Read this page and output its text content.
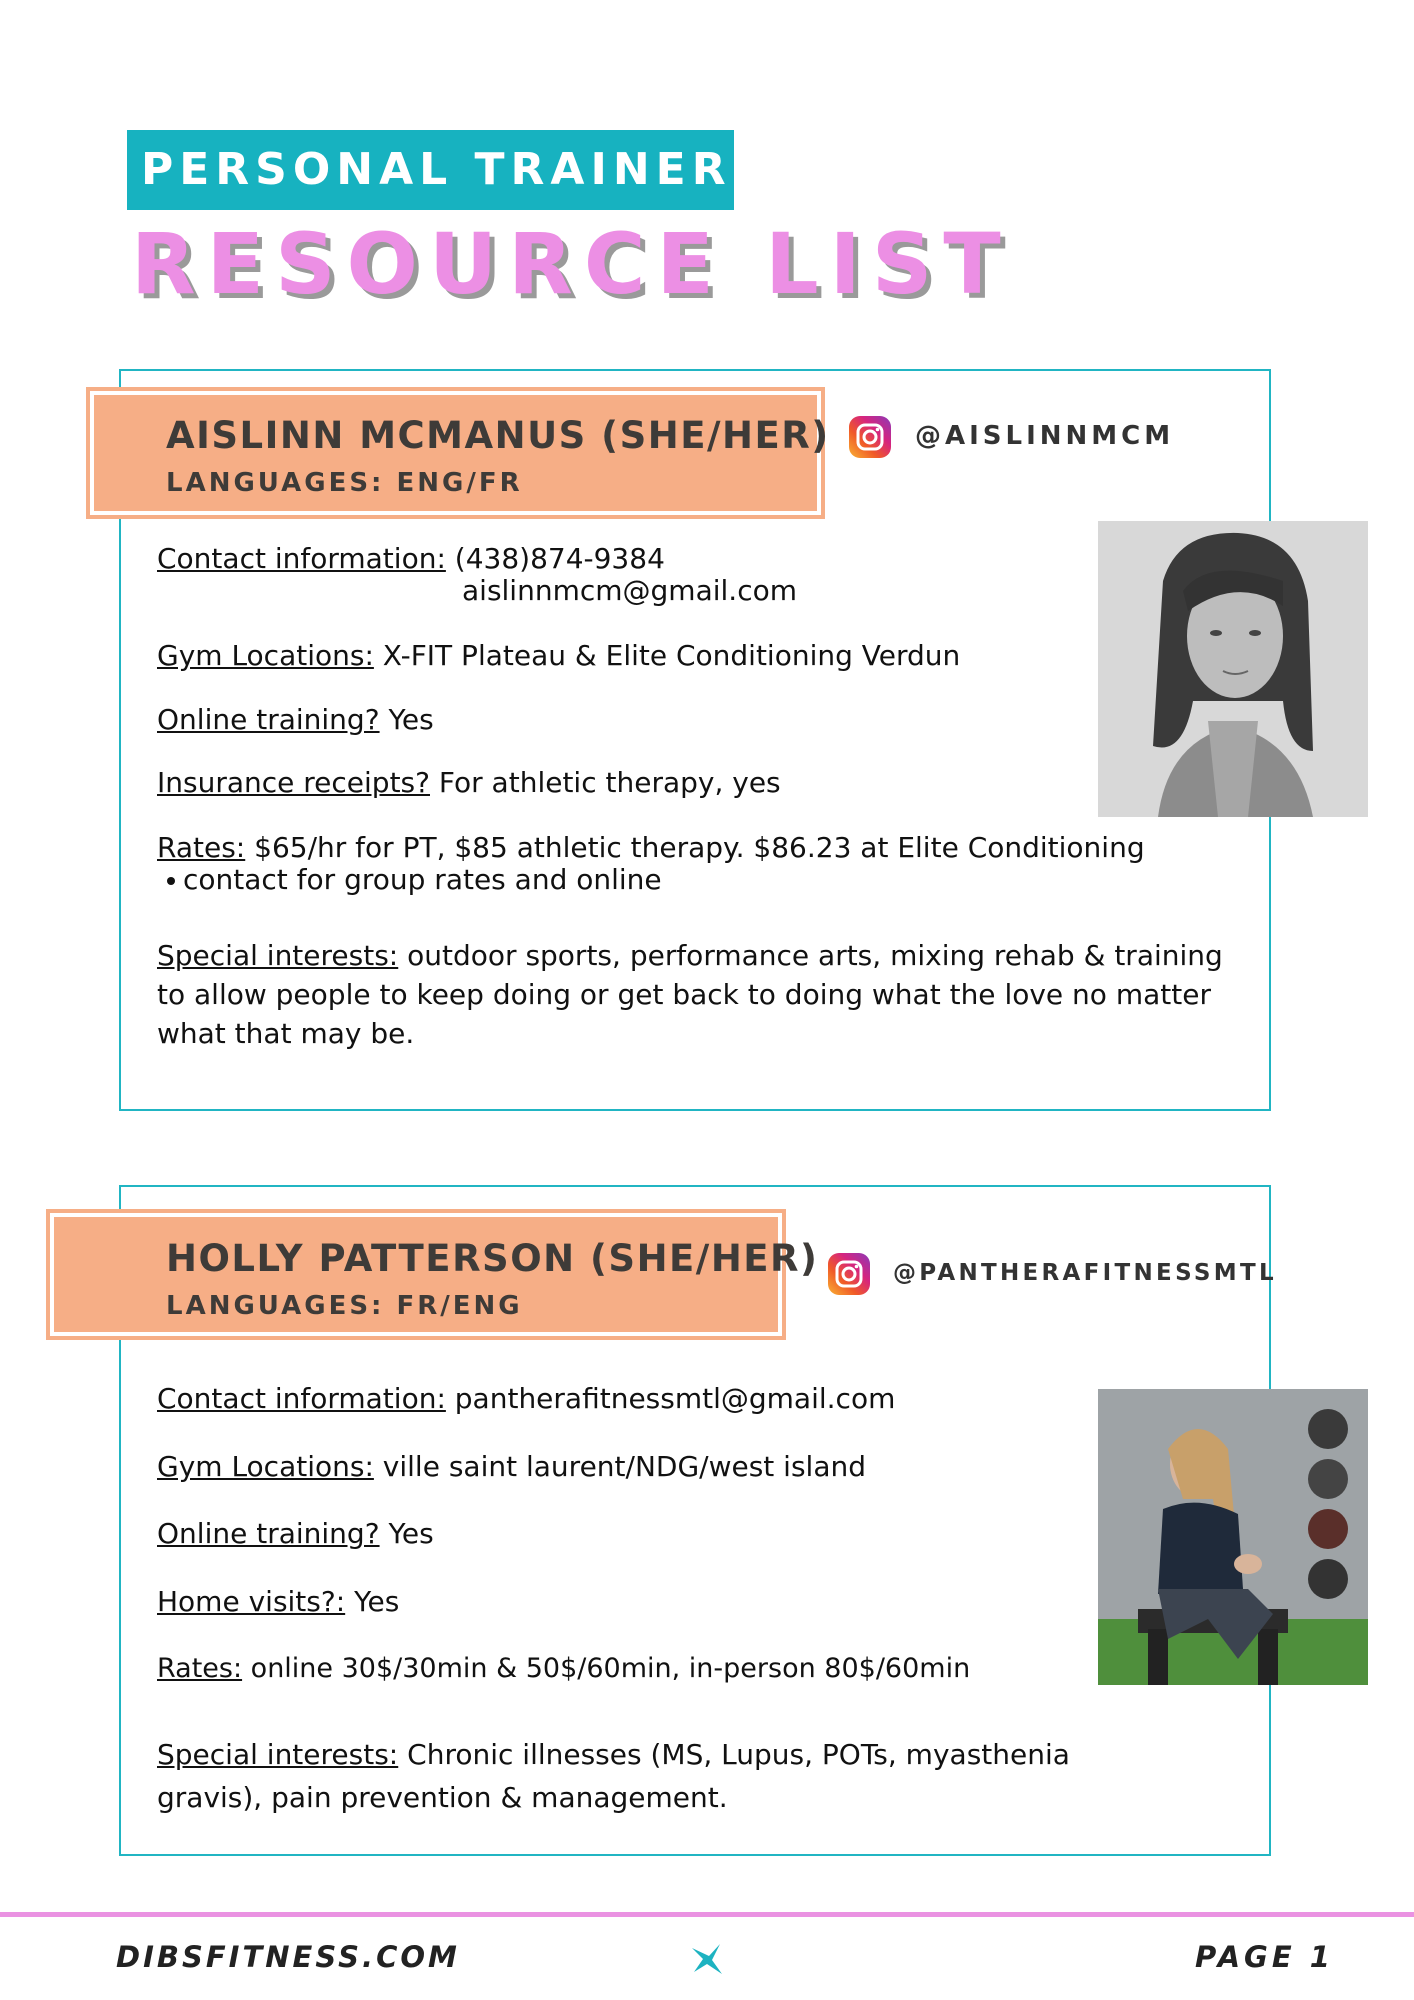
PERSONAL TRAINER
RESOURCE LIST
AISLINN MCMANUS (SHE/HER)
LANGUAGES: ENG/FR
@AISLINNMCM
Contact information: (438)874-9384
aislinnmcm@gmail.com
Gym Locations: X-FIT Plateau & Elite Conditioning Verdun
Online training? Yes
Insurance receipts? For athletic therapy, yes
Rates: $65/hr for PT, $85 athletic therapy. $86.23 at Elite Conditioning
contact for group rates and online
Special interests: outdoor sports, performance arts, mixing rehab & training to allow people to keep doing or get back to doing what the love no matter what that may be.
HOLLY PATTERSON (SHE/HER)
LANGUAGES: FR/ENG
@PANTHERAFITNESSMTL
Contact information: pantherafitnessmtl@gmail.com
Gym Locations: ville saint laurent/NDG/west island
Online training? Yes
Home visits?: Yes
Rates: online 30$/30min & 50$/60min, in-person 80$/60min
Special interests: Chronic illnesses (MS, Lupus, POTs, myasthenia gravis), pain prevention & management.
DIBSFITNESS.COM	PAGE 1
